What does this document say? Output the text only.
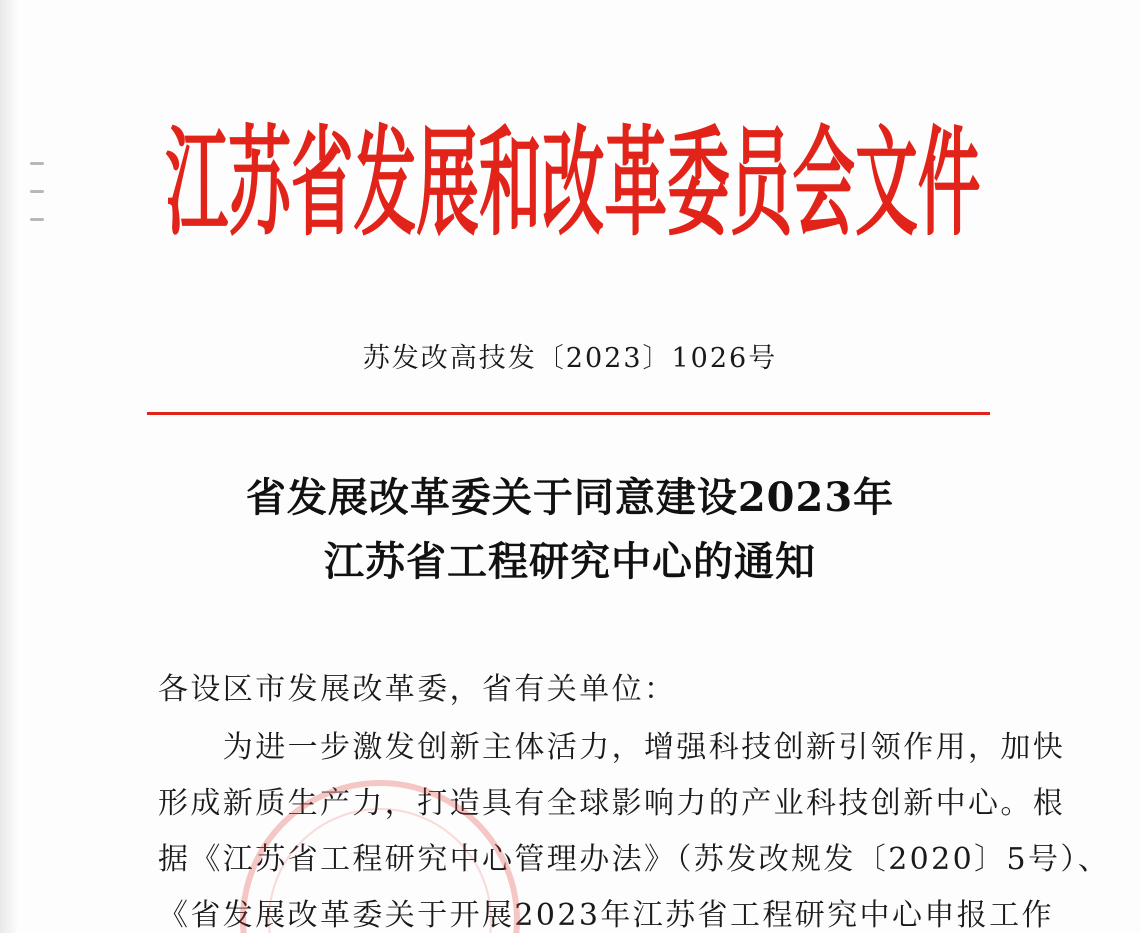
江苏省发展和改革委员会文件
苏发改高技发〔2023〕1026号
省发展改革委关于同意建设2023年
江苏省工程研究中心的通知
各设区市发展改革委，省有关单位：
　　为进一步激发创新主体活力，增强科技创新引领作用，加快
形成新质生产力，打造具有全球影响力的产业科技创新中心。根
据《江苏省工程研究中心管理办法》（苏发改规发〔2020〕5号）、
《省发展改革委关于开展2023年江苏省工程研究中心申报工作
